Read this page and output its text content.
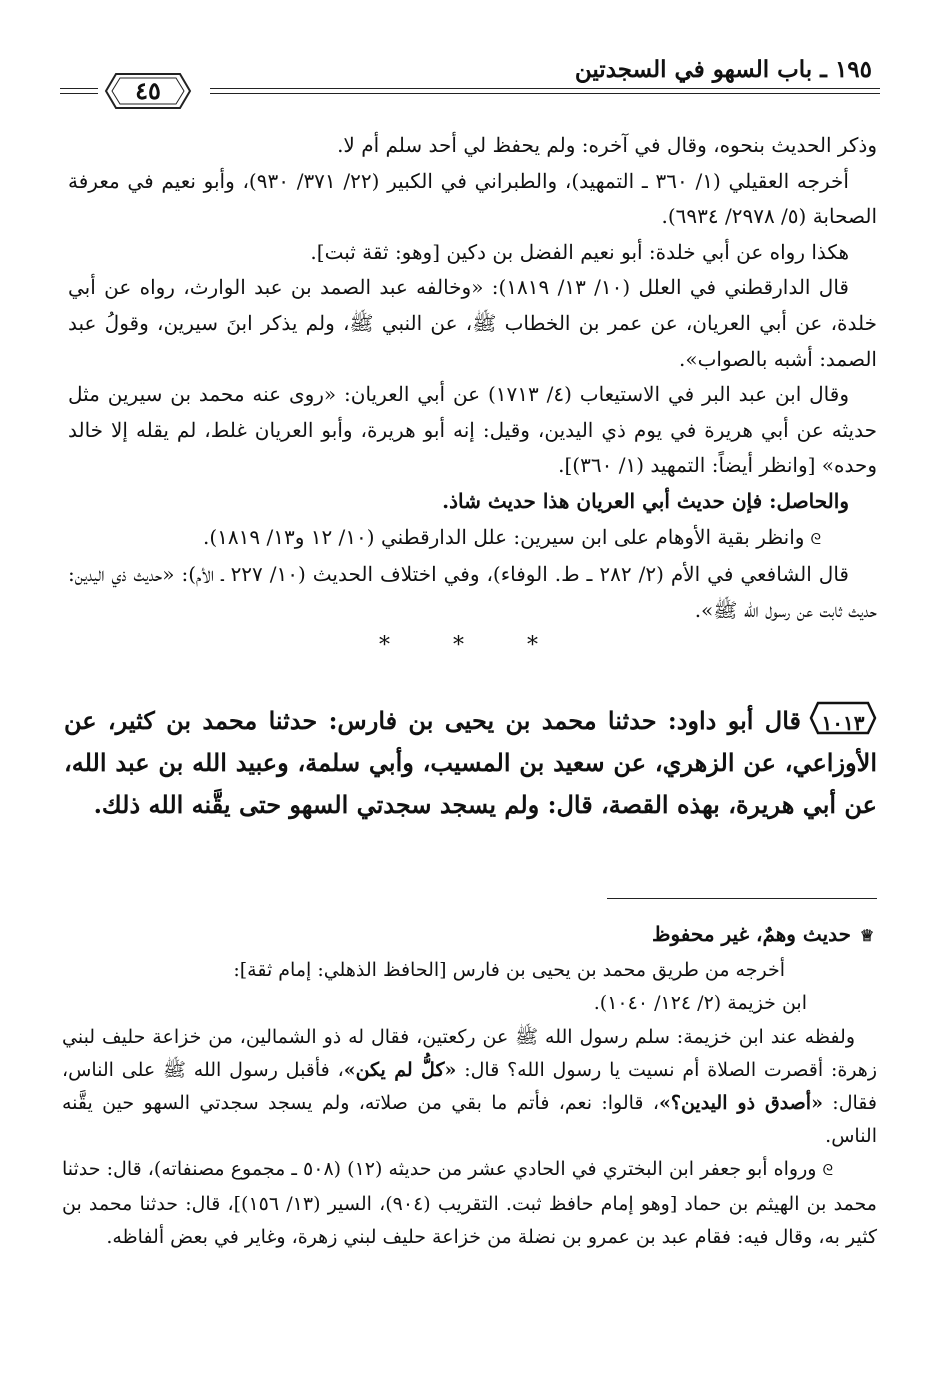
١٩٥ ـ باب السهو في السجدتين
٤٥

وذكر الحديث بنحوه، وقال في آخره: ولم يحفظ لي أحد سلم أم لا.

أخرجه العقيلي (١/ ٣٦٠ ـ التمهيد)، والطبراني في الكبير (٢٢/ ٣٧١/ ٩٣٠)، وأبو نعيم في معرفة الصحابة (٥/ ٢٩٧٨/ ٦٩٣٤).

هكذا رواه عن أبي خلدة: أبو نعيم الفضل بن دكين [وهو: ثقة ثبت].

قال الدارقطني في العلل (١٠/ ١٣/ ١٨١٩): «وخالفه عبد الصمد بن عبد الوارث، رواه عن أبي خلدة، عن أبي العريان، عن عمر بن الخطاب ﷺ، عن النبي ﷺ، ولم يذكر ابنَ سيرين، وقولُ عبد الصمد: أشبه بالصواب».

وقال ابن عبد البر في الاستيعاب (٤/ ١٧١٣) عن أبي العريان: «روى عنه محمد بن سيرين مثل حديثه عن أبي هريرة في يوم ذي اليدين، وقيل: إنه أبو هريرة، وأبو العريان غلط، لم يقله إلا خالد وحده» [وانظر أيضاً: التمهيد (١/ ٣٦٠)].

والحاصل: فإن حديث أبي العريان هذا حديث شاذ.

ᘓوانظر بقية الأوهام على ابن سيرين: علل الدارقطني (١٠/ ١٢ و١٣/ ١٨١٩).

قال الشافعي في الأم (٢/ ٢٨٢ ـ ط. الوفاء)، وفي اختلاف الحديث (١٠/ ٢٢٧ ـ الأم): «حديث ذي اليدين: حديث ثابت عن رسول الله ﷺ».

* * *
١٠١٣
قال أبو داود: حدثنا محمد بن يحيى بن فارس: حدثنا محمد بن كثير، عن الأوزاعي، عن الزهري، عن سعيد بن المسيب، وأبي سلمة، وعبيد الله بن عبد الله، عن أبي هريرة، بهذه القصة، قال: ولم يسجد سجدتي السهو حتى يقَّنه الله ذلك.

♕حديث وهمٌ، غير محفوظ

أخرجه من طريق محمد بن يحيى بن فارس [الحافظ الذهلي: إمام ثقة]:

ابن خزيمة (٢/ ١٢٤/ ١٠٤٠).

ولفظه عند ابن خزيمة: سلم رسول الله ﷺ عن ركعتين، فقال له ذو الشمالين، من خزاعة حليف لبني زهرة: أقصرت الصلاة أم نسيت يا رسول الله؟ قال: «كلُّ لم يكن»، فأقبل رسول الله ﷺ على الناس، فقال: «أصدق ذو اليدين؟»، قالوا: نعم، فأتم ما بقي من صلاته، ولم يسجد سجدتي السهو حين يقَّنه الناس.

ᘓورواه أبو جعفر ابن البختري في الحادي عشر من حديثه (١٢) (٥٠٨ ـ مجموع مصنفاته)، قال: حدثنا محمد بن الهيثم بن حماد [وهو إمام حافظ ثبت. التقريب (٩٠٤)، السير (١٣/ ١٥٦)]، قال: حدثنا محمد بن كثير به، وقال فيه: فقام عبد بن عمرو بن نضلة من خزاعة حليف لبني زهرة، وغاير في بعض ألفاظه.
